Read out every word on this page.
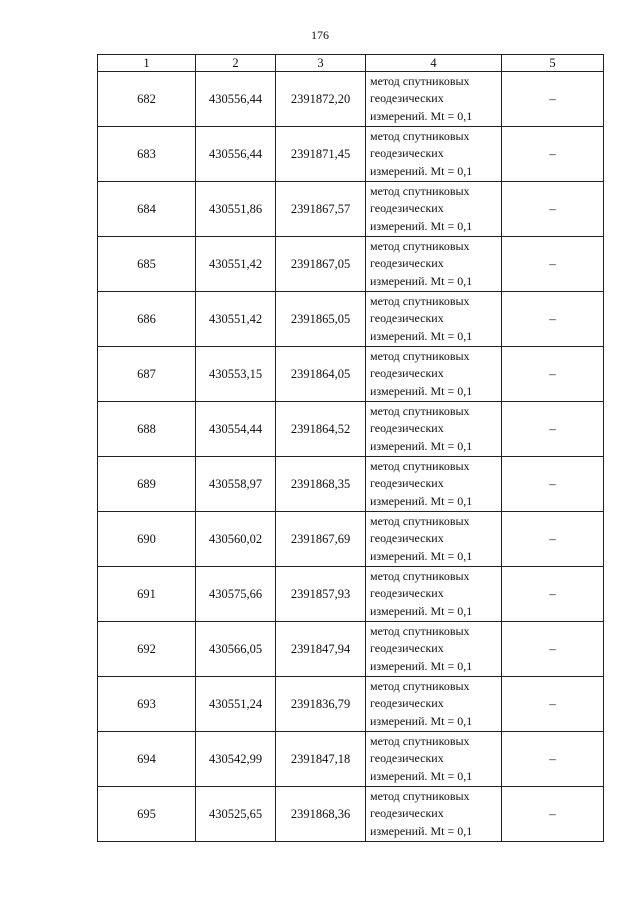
176
1	2	3	4	5
682	430556,44	2391872,20	метод спутниковых
геодезических
измерений. Mt = 0,1	–
683	430556,44	2391871,45	метод спутниковых
геодезических
измерений. Mt = 0,1	–
684	430551,86	2391867,57	метод спутниковых
геодезических
измерений. Mt = 0,1	–
685	430551,42	2391867,05	метод спутниковых
геодезических
измерений. Mt = 0,1	–
686	430551,42	2391865,05	метод спутниковых
геодезических
измерений. Mt = 0,1	–
687	430553,15	2391864,05	метод спутниковых
геодезических
измерений. Mt = 0,1	–
688	430554,44	2391864,52	метод спутниковых
геодезических
измерений. Mt = 0,1	–
689	430558,97	2391868,35	метод спутниковых
геодезических
измерений. Mt = 0,1	–
690	430560,02	2391867,69	метод спутниковых
геодезических
измерений. Mt = 0,1	–
691	430575,66	2391857,93	метод спутниковых
геодезических
измерений. Mt = 0,1	–
692	430566,05	2391847,94	метод спутниковых
геодезических
измерений. Mt = 0,1	–
693	430551,24	2391836,79	метод спутниковых
геодезических
измерений. Mt = 0,1	–
694	430542,99	2391847,18	метод спутниковых
геодезических
измерений. Mt = 0,1	–
695	430525,65	2391868,36	метод спутниковых
геодезических
измерений. Mt = 0,1	–
